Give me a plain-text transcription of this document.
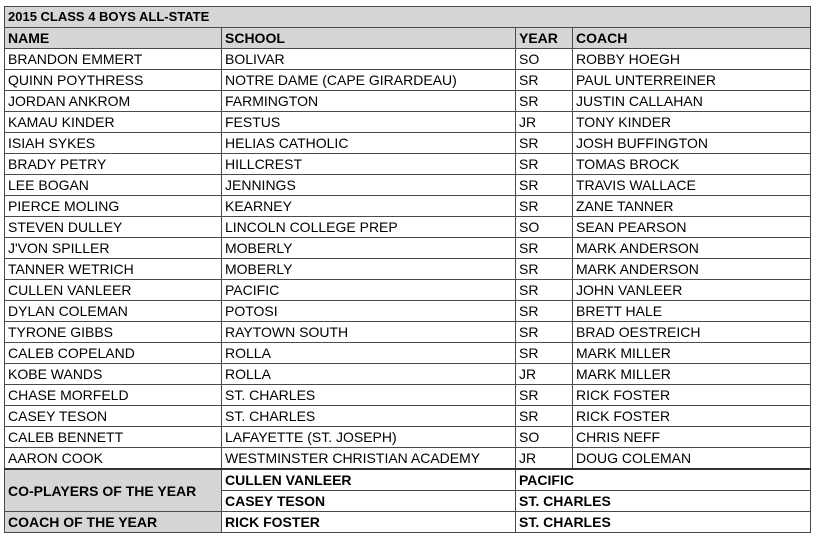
2015 CLASS 4 BOYS ALL-STATE			
NAME	SCHOOL	YEAR	COACH
BRANDON EMMERT	BOLIVAR	SO	ROBBY HOEGH
QUINN POYTHRESS	NOTRE DAME (CAPE GIRARDEAU)	SR	PAUL UNTERREINER
JORDAN ANKROM	FARMINGTON	SR	JUSTIN CALLAHAN
KAMAU KINDER	FESTUS	JR	TONY KINDER
ISIAH SYKES	HELIAS CATHOLIC	SR	JOSH BUFFINGTON
BRADY PETRY	HILLCREST	SR	TOMAS BROCK
LEE BOGAN	JENNINGS	SR	TRAVIS WALLACE
PIERCE MOLING	KEARNEY	SR	ZANE TANNER
STEVEN DULLEY	LINCOLN COLLEGE PREP	SO	SEAN PEARSON
J'VON SPILLER	MOBERLY	SR	MARK ANDERSON
TANNER WETRICH	MOBERLY	SR	MARK ANDERSON
CULLEN VANLEER	PACIFIC	SR	JOHN VANLEER
DYLAN COLEMAN	POTOSI	SR	BRETT HALE
TYRONE GIBBS	RAYTOWN SOUTH	SR	BRAD OESTREICH
CALEB COPELAND	ROLLA	SR	MARK MILLER
KOBE WANDS	ROLLA	JR	MARK MILLER
CHASE MORFELD	ST. CHARLES	SR	RICK FOSTER
CASEY TESON	ST. CHARLES	SR	RICK FOSTER
CALEB BENNETT	LAFAYETTE (ST. JOSEPH)	SO	CHRIS NEFF
AARON COOK	WESTMINSTER CHRISTIAN ACADEMY	JR	DOUG COLEMAN
CO-PLAYERS OF THE YEAR	CULLEN VANLEER	PACIFIC	
	CASEY TESON	ST. CHARLES	
COACH OF THE YEAR	RICK FOSTER	ST. CHARLES	
